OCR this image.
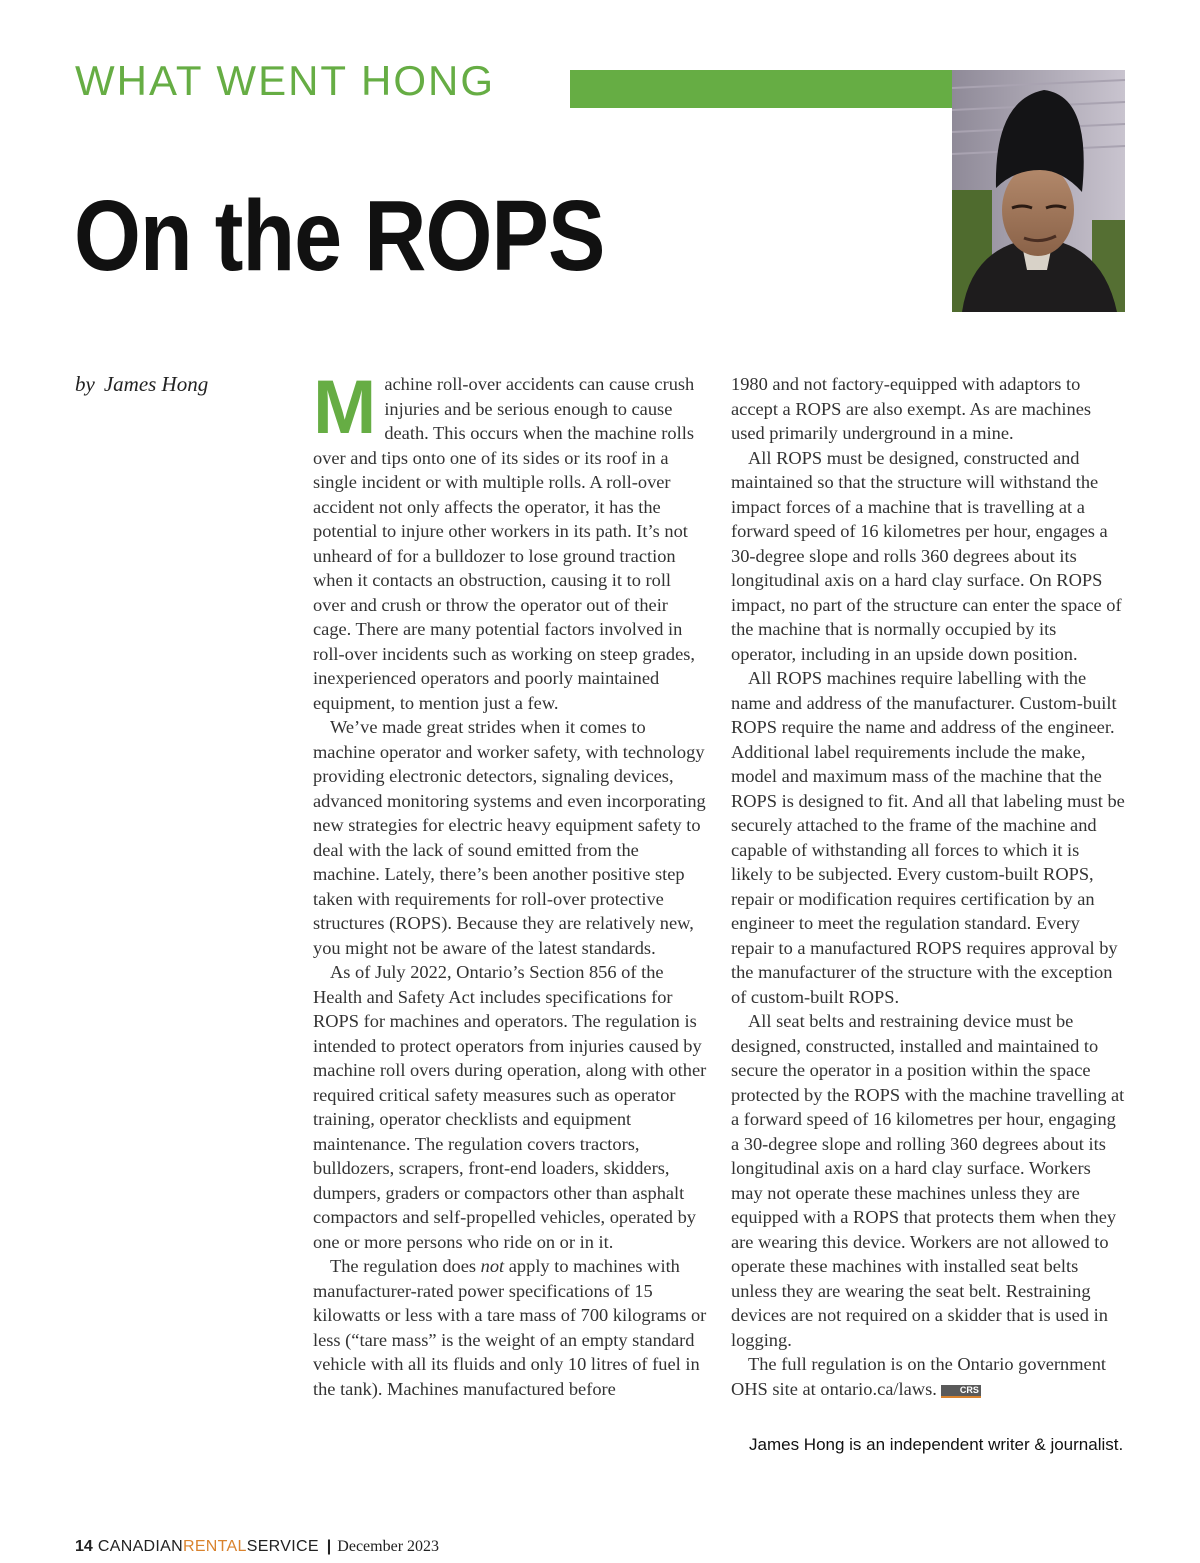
WHAT WENT HONG
On the ROPS
by James Hong Machine roll-over accidents can cause crush injuries and be serious enough to cause death. This occurs when the machine rolls over and tips onto one of its sides or its roof in a single incident or with multiple rolls. A roll-over accident not only affects the operator, it has the potential to injure other workers in its path. It’s not unheard of for a bulldozer to lose ground traction when it contacts an obstruction, causing it to roll over and crush or throw the operator out of their cage. There are many potential factors involved in roll-over incidents such as working on steep grades, inexperienced operators and poorly maintained equipment, to mention just a few.

We’ve made great strides when it comes to machine operator and worker safety, with technology providing electronic detectors, signaling devices, advanced monitoring systems and even incorporating new strategies for electric heavy equipment safety to deal with the lack of sound emitted from the machine. Lately, there’s been another positive step taken with requirements for roll-over protective structures (ROPS). Because they are relatively new, you might not be aware of the latest standards.

As of July 2022, Ontario’s Section 856 of the Health and Safety Act includes specifications for ROPS for machines and operators. The regulation is intended to protect operators from injuries caused by machine roll overs during operation, along with other required critical safety measures such as operator training, operator checklists and equipment maintenance. The regulation covers tractors, bulldozers, scrapers, front-end loaders, skidders, dumpers, graders or compactors other than asphalt compactors and self-propelled vehicles, operated by one or more persons who ride on or in it.

The regulation does not apply to machines with manufacturer-rated power specifications of 15 kilowatts or less with a tare mass of 700 kilograms or less (“tare mass” is the weight of an empty standard vehicle with all its fluids and only 10 litres of fuel in the tank). Machines manufactured before

1980 and not factory-equipped with adaptors to accept a ROPS are also exempt. As are machines used primarily underground in a mine.

All ROPS must be designed, constructed and maintained so that the structure will withstand the impact forces of a machine that is travelling at a forward speed of 16 kilometres per hour, engages a 30-degree slope and rolls 360 degrees about its longitudinal axis on a hard clay surface. On ROPS impact, no part of the structure can enter the space of the machine that is normally occupied by its operator, including in an upside down position.

All ROPS machines require labelling with the name and address of the manufacturer. Custom-built ROPS require the name and address of the engineer. Additional label requirements include the make, model and maximum mass of the machine that the ROPS is designed to fit. And all that labeling must be securely attached to the frame of the machine and capable of withstanding all forces to which it is likely to be subjected. Every custom-built ROPS, repair or modification requires certification by an engineer to meet the regulation standard. Every repair to a manufactured ROPS requires approval by the manufacturer of the structure with the exception of custom-built ROPS.

All seat belts and restraining device must be designed, constructed, installed and maintained to secure the operator in a position within the space protected by the ROPS with the machine travelling at a forward speed of 16 kilometres per hour, engaging a 30-degree slope and rolling 360 degrees about its longitudinal axis on a hard clay surface. Workers may not operate these machines unless they are equipped with a ROPS that protects them when they are wearing this device. Workers are not allowed to operate these machines with installed seat belts unless they are wearing the seat belt. Restraining devices are not required on a skidder that is used in logging.

The full regulation is on the Ontario government OHS site at ontario.ca/laws.	CRS

James Hong is an independent writer & journalist.
14 CANADIANRENTALSERVICE | December 2023
